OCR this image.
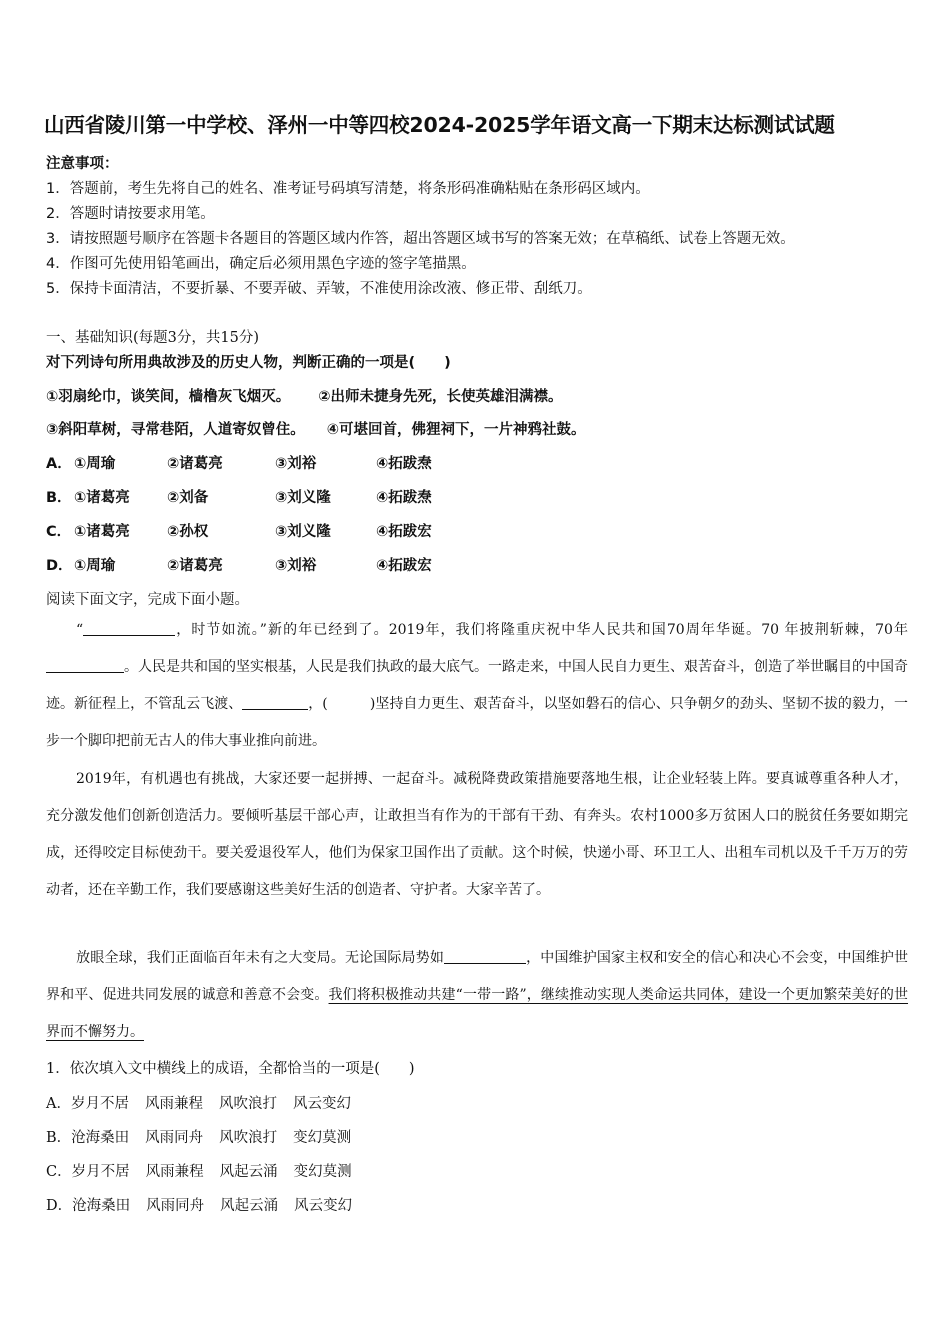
山西省陵川第一中学校、泽州一中等四校2024-2025学年语文高一下期末达标测试试题
注意事项：
1．答题前，考生先将自己的姓名、准考证号码填写清楚，将条形码准确粘贴在条形码区域内。
2．答题时请按要求用笔。
3．请按照题号顺序在答题卡各题目的答题区域内作答，超出答题区域书写的答案无效；在草稿纸、试卷上答题无效。
4．作图可先使用铅笔画出，确定后必须用黑色字迹的签字笔描黑。
5．保持卡面清洁，不要折暴、不要弄破、弄皱，不准使用涂改液、修正带、刮纸刀。
一、基础知识(每题3分，共15分)
对下列诗句所用典故涉及的历史人物，判断正确的一项是(　　)
①羽扇纶巾，谈笑间，樯橹灰飞烟灭。 ②出师未捷身先死，长使英雄泪满襟。
③斜阳草树，寻常巷陌，人道寄奴曾住。 ④可堪回首，佛狸祠下，一片神鸦社鼓。
A． ①周瑜	②诸葛亮	③刘裕	④拓跋焘
B． ①诸葛亮	②刘备	③刘义隆	④拓跋焘
C． ①诸葛亮	②孙权	③刘义隆	④拓跋宏
D．①周瑜	②诸葛亮	③刘裕	④拓跋宏
阅读下面文字，完成下面小题。
“	，时节如流。”新的年已经到了。2019年，我们将隆重庆祝中华人民共和国70周年华诞。70 年披荆斩棘，70年。人民是共和国的坚实根基，人民是我们执政的最大底气。一路走来，中国人民自力更生、艰苦奋斗，创造了举世瞩目的中国奇迹。新征程上，不管乱云飞渡、	，(　　　)坚持自力更生、艰苦奋斗，以坚如磐石的信心、只争朝夕的劲头、坚韧不拔的毅力，一步一个脚印把前无古人的伟大事业推向前进。
2019年，有机遇也有挑战，大家还要一起拼搏、一起奋斗。减税降费政策措施要落地生根，让企业轻装上阵。要真诚尊重各种人才，充分激发他们创新创造活力。要倾听基层干部心声，让敢担当有作为的干部有干劲、有奔头。农村1000多万贫困人口的脱贫任务要如期完成，还得咬定目标使劲干。要关爱退役军人，他们为保家卫国作出了贡献。这个时候，快递小哥、环卫工人、出租车司机以及千千万万的劳动者，还在辛勤工作，我们要感谢这些美好生活的创造者、守护者。大家辛苦了。
放眼全球，我们正面临百年未有之大变局。无论国际局势如	，中国维护国家主权和安全的信心和决心不会变，中国维护世界和平、促进共同发展的诚意和善意不会变。我们将积极推动共建“一带一路”，继续推动实现人类命运共同体，建设一个更加繁荣美好的世界而不懈努力。
1．依次填入文中横线上的成语，全都恰当的一项是(　　)
A．岁月不居 风雨兼程 风吹浪打 风云变幻
B．沧海桑田 风雨同舟 风吹浪打 变幻莫测
C．岁月不居 风雨兼程 风起云涌 变幻莫测
D．沧海桑田 风雨同舟 风起云涌 风云变幻
